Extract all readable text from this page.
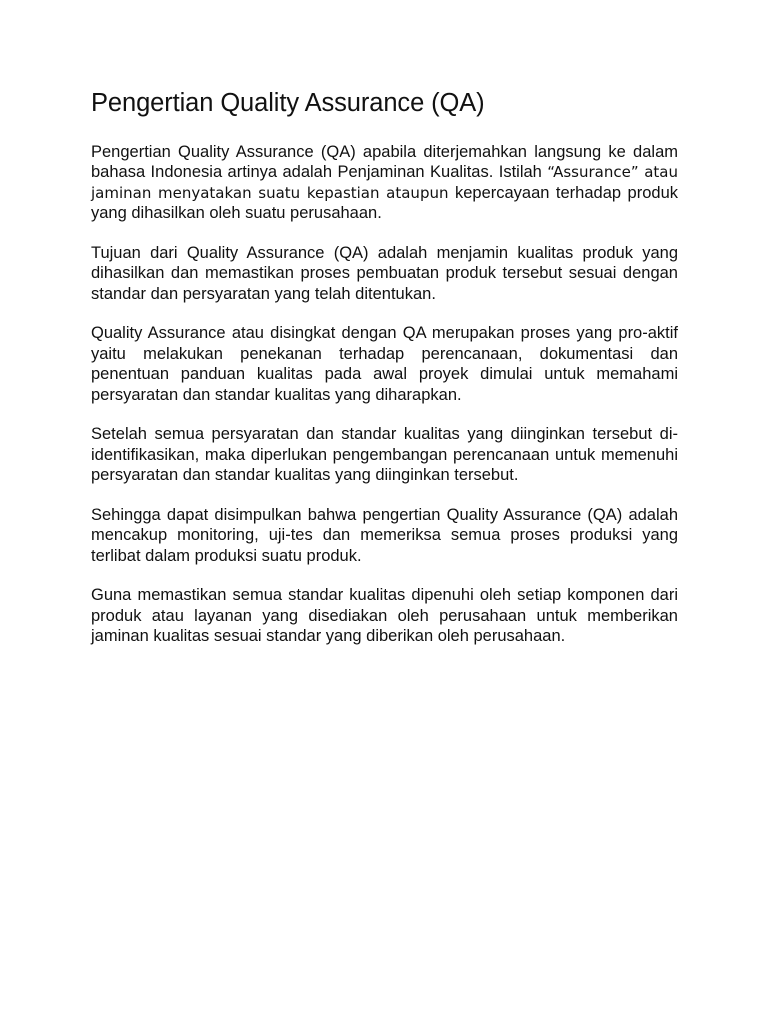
Pengertian Quality Assurance (QA)

Pengertian Quality Assurance (QA) apabila diterjemahkan langsung ke dalam bahasa Indonesia artinya adalah Penjaminan Kualitas. Istilah “Assurance” atau jaminan menyatakan suatu kepastian ataupun kepercayaan terhadap produk yang dihasilkan oleh suatu perusahaan.

Tujuan dari Quality Assurance (QA) adalah menjamin kualitas produk yang dihasilkan dan memastikan proses pembuatan produk tersebut sesuai dengan standar dan persyaratan yang telah ditentukan.

Quality Assurance atau disingkat dengan QA merupakan proses yang pro-aktif yaitu melakukan penekanan terhadap perencanaan, dokumentasi dan penentuan panduan kualitas pada awal proyek dimulai untuk memahami persyaratan dan standar kualitas yang diharapkan.

Setelah semua persyaratan dan standar kualitas yang diinginkan tersebut di-identifikasikan, maka diperlukan pengembangan perencanaan untuk memenuhi persyaratan dan standar kualitas yang diinginkan tersebut.

Sehingga dapat disimpulkan bahwa pengertian Quality Assurance (QA) adalah mencakup monitoring, uji-tes dan memeriksa semua proses produksi yang terlibat dalam produksi suatu produk.

Guna memastikan semua standar kualitas dipenuhi oleh setiap komponen dari produk atau layanan yang disediakan oleh perusahaan untuk memberikan jaminan kualitas sesuai standar yang diberikan oleh perusahaan.
